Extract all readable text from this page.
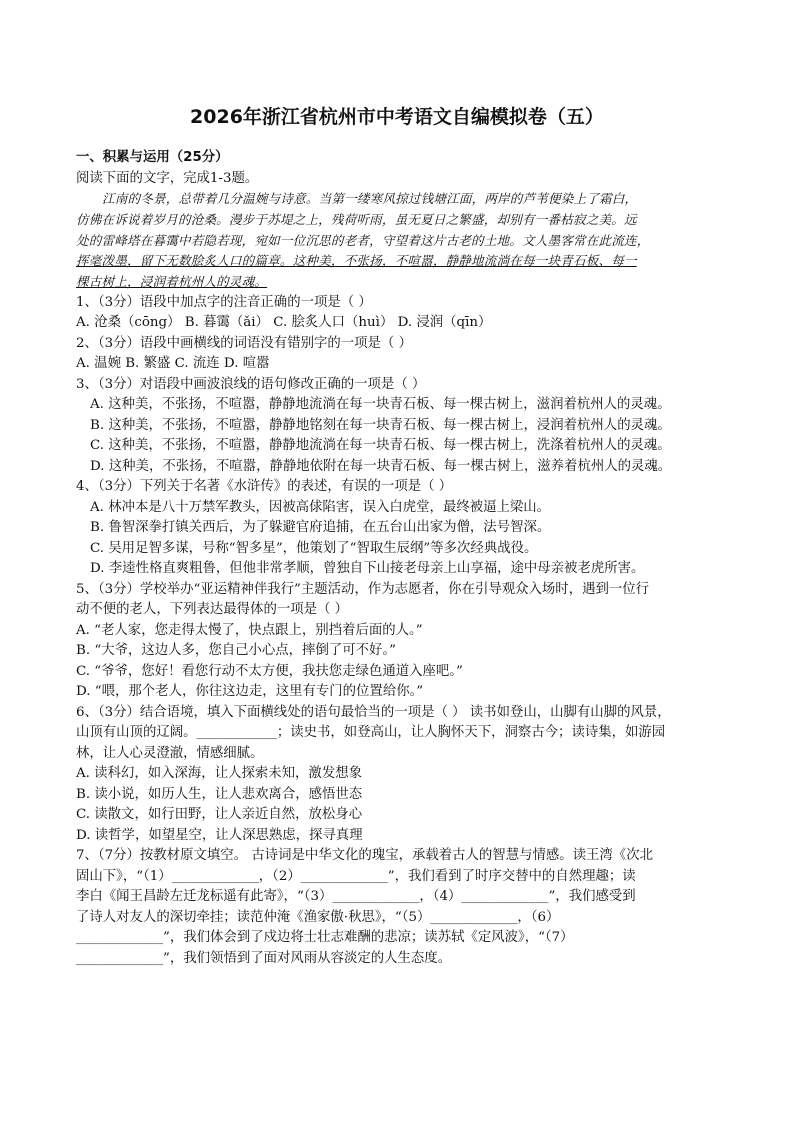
2026年浙江省杭州市中考语文自编模拟卷（五）
一、积累与运用（25分）
阅读下面的文字，完成1-3题。
江南的冬景，总带着几分温婉与诗意。当第一缕寒风掠过钱塘江面，两岸的芦苇便染上了霜白，
仿佛在诉说着岁月的沧桑。漫步于苏堤之上，残荷听雨，虽无夏日之繁盛，却别有一番枯寂之美。远
处的雷峰塔在暮霭中若隐若现，宛如一位沉思的老者，守望着这片古老的土地。文人墨客常在此流连，
挥毫泼墨，留下无数脍炙人口的篇章。这种美，不张扬，不喧嚣，静静地流淌在每一块青石板、每一
棵古树上，浸润着杭州人的灵魂。
1、（3分）语段中加点字的注音正确的一项是（ ）
A. 沧桑（cōng） B. 暮霭（ǎi） C. 脍炙人口（huì） D. 浸润（qīn）
2、（3分）语段中画横线的词语没有错别字的一项是（ ）
A. 温婉 B. 繁盛 C. 流连 D. 喧嚣
3、（3分）对语段中画波浪线的语句修改正确的一项是（ ）
A. 这种美，不张扬，不喧嚣，静静地流淌在每一块青石板、每一棵古树上，滋润着杭州人的灵魂。
B. 这种美，不张扬，不喧嚣，静静地铭刻在每一块青石板、每一棵古树上，浸润着杭州人的灵魂。
C. 这种美，不张扬，不喧嚣，静静地流淌在每一块青石板、每一棵古树上，洗涤着杭州人的灵魂。
D. 这种美，不张扬，不喧嚣，静静地依附在每一块青石板、每一棵古树上，滋养着杭州人的灵魂。
4、（3分）下列关于名著《水浒传》的表述，有误的一项是（ ）
A. 林冲本是八十万禁军教头，因被高俅陷害，误入白虎堂，最终被逼上梁山。
B. 鲁智深拳打镇关西后，为了躲避官府追捕，在五台山出家为僧，法号智深。
C. 吴用足智多谋，号称“智多星”，他策划了“智取生辰纲”等多次经典战役。
D. 李逵性格直爽粗鲁，但他非常孝顺，曾独自下山接老母亲上山享福，途中母亲被老虎所害。
5、（3分）学校举办“亚运精神伴我行”主题活动，作为志愿者，你在引导观众入场时，遇到一位行
动不便的老人，下列表达最得体的一项是（ ）
A. “老人家，您走得太慢了，快点跟上，别挡着后面的人。”
B. “大爷，这边人多，您自己小心点，摔倒了可不好。”
C. “爷爷，您好！看您行动不太方便，我扶您走绿色通道入座吧。”
D. “喂，那个老人，你往这边走，这里有专门的位置给你。”
6、（3分）结合语境，填入下面横线处的语句最恰当的一项是（ ） 读书如登山，山脚有山脚的风景，
山顶有山顶的辽阔。____________；读史书，如登高山，让人胸怀天下，洞察古今；读诗集，如游园
林，让人心灵澄澈，情感细腻。
A. 读科幻，如入深海，让人探索未知，激发想象
B. 读小说，如历人生，让人悲欢离合，感悟世态
C. 读散文，如行田野，让人亲近自然，放松身心
D. 读哲学，如望星空，让人深思熟虑，探寻真理
7、（7分）按教材原文填空。 古诗词是中华文化的瑰宝，承载着古人的智慧与情感。读王湾《次北
固山下》，“（1）_____________，（2）_____________”，我们看到了时序交替中的自然理趣；读
李白《闻王昌龄左迁龙标遥有此寄》，“（3）_____________，（4）_____________”，我们感受到
了诗人对友人的深切牵挂；读范仲淹《渔家傲·秋思》，“（5）_____________，（6）
_____________”，我们体会到了戍边将士壮志难酬的悲凉；读苏轼《定风波》，“（7）
_____________”，我们领悟到了面对风雨从容淡定的人生态度。
